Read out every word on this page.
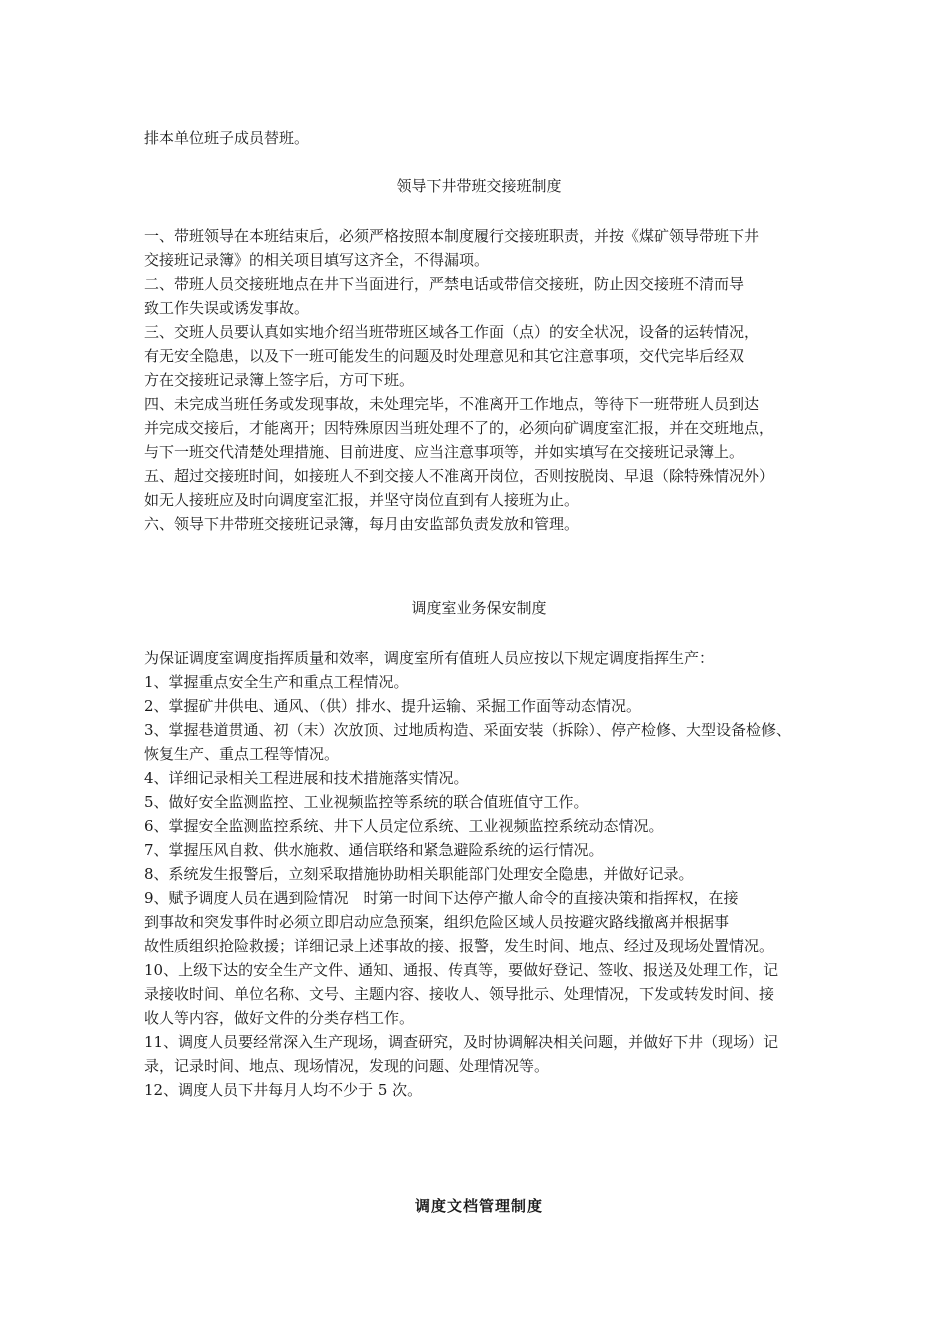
排本单位班子成员替班。
领导下井带班交接班制度
一、带班领导在本班结束后，必须严格按照本制度履行交接班职责，并按《煤矿领导带班下井
交接班记录簿》的相关项目填写这齐全，不得漏项。
二、带班人员交接班地点在井下当面进行，严禁电话或带信交接班，防止因交接班不清而导
致工作失误或诱发事故。
三、交班人员要认真如实地介绍当班带班区域各工作面（点）的安全状况，设备的运转情况，
有无安全隐患，以及下一班可能发生的问题及时处理意见和其它注意事项，交代完毕后经双
方在交接班记录簿上签字后，方可下班。
四、未完成当班任务或发现事故，未处理完毕，不准离开工作地点，等待下一班带班人员到达
并完成交接后，才能离开；因特殊原因当班处理不了的，必须向矿调度室汇报，并在交班地点，
与下一班交代清楚处理措施、目前进度、应当注意事项等，并如实填写在交接班记录簿上。
五、超过交接班时间，如接班人不到交接人不准离开岗位，否则按脱岗、早退（除特殊情况外）
如无人接班应及时向调度室汇报，并坚守岗位直到有人接班为止。
六、领导下井带班交接班记录簿，每月由安监部负责发放和管理。
调度室业务保安制度
为保证调度室调度指挥质量和效率，调度室所有值班人员应按以下规定调度指挥生产：
1、掌握重点安全生产和重点工程情况。
2、掌握矿井供电、通风、（供）排水、提升运输、采掘工作面等动态情况。
3、掌握巷道贯通、初（末）次放顶、过地质构造、采面安装（拆除）、停产检修、大型设备检修、
恢复生产、重点工程等情况。
4、详细记录相关工程进展和技术措施落实情况。
5、做好安全监测监控、工业视频监控等系统的联合值班值守工作。
6、掌握安全监测监控系统、井下人员定位系统、工业视频监控系统动态情况。
7、掌握压风自救、供水施救、通信联络和紧急避险系统的运行情况。
8、系统发生报警后，立刻采取措施协助相关职能部门处理安全隐患，并做好记录。
9、赋予调度人员在遇到险情况　时第一时间下达停产撤人命令的直接决策和指挥权，在接
到事故和突发事件时必须立即启动应急预案，组织危险区域人员按避灾路线撤离并根据事
故性质组织抢险救援；详细记录上述事故的接、报警，发生时间、地点、经过及现场处置情况。
10、上级下达的安全生产文件、通知、通报、传真等，要做好登记、签收、报送及处理工作，记
录接收时间、单位名称、文号、主题内容、接收人、领导批示、处理情况，下发或转发时间、接
收人等内容，做好文件的分类存档工作。
11、调度人员要经常深入生产现场，调查研究，及时协调解决相关问题，并做好下井（现场）记
录，记录时间、地点、现场情况，发现的问题、处理情况等。
12、调度人员下井每月人均不少于 5 次。
调度文档管理制度
